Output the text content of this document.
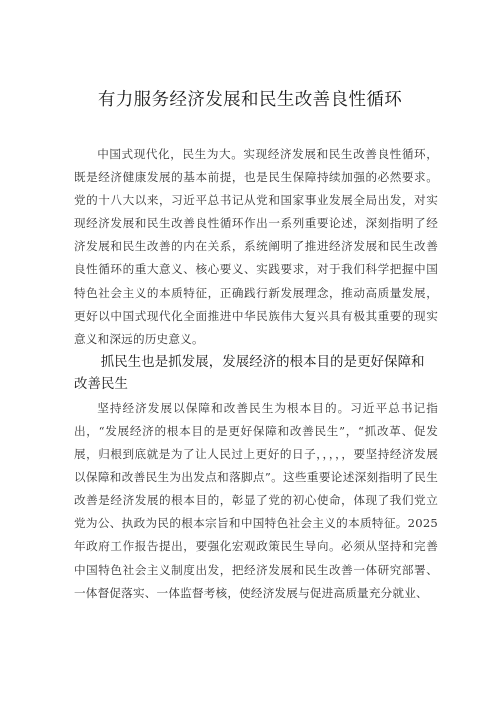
有力服务经济发展和民生改善良性循环

中国式现代化，民生为大。实现经济发展和民生改善良性循环，既是经济健康发展的基本前提，也是民生保障持续加强的必然要求。党的十八大以来，习近平总书记从党和国家事业发展全局出发，对实现经济发展和民生改善良性循环作出一系列重要论述，深刻指明了经济发展和民生改善的内在关系，系统阐明了推进经济发展和民生改善良性循环的重大意义、核心要义、实践要求，对于我们科学把握中国特色社会主义的本质特征，正确践行新发展理念，推动高质量发展，更好以中国式现代化全面推进中华民族伟大复兴具有极其重要的现实意义和深远的历史意义。

抓民生也是抓发展，发展经济的根本目的是更好保障和改善民生

坚持经济发展以保障和改善民生为根本目的。习近平总书记指出，“发展经济的根本目的是更好保障和改善民生”，“抓改革、促发展，归根到底就是为了让人民过上更好的日子，，，，，要坚持经济发展以保障和改善民生为出发点和落脚点”。这些重要论述深刻指明了民生改善是经济发展的根本目的，彰显了党的初心使命，体现了我们党立党为公、执政为民的根本宗旨和中国特色社会主义的本质特征。2025年政府工作报告提出，要强化宏观政策民生导向。必须从坚持和完善中国特色社会主义制度出发，把经济发展和民生改善一体研究部署、一体督促落实、一体监督考核，使经济发展与促进高质量充分就业、
